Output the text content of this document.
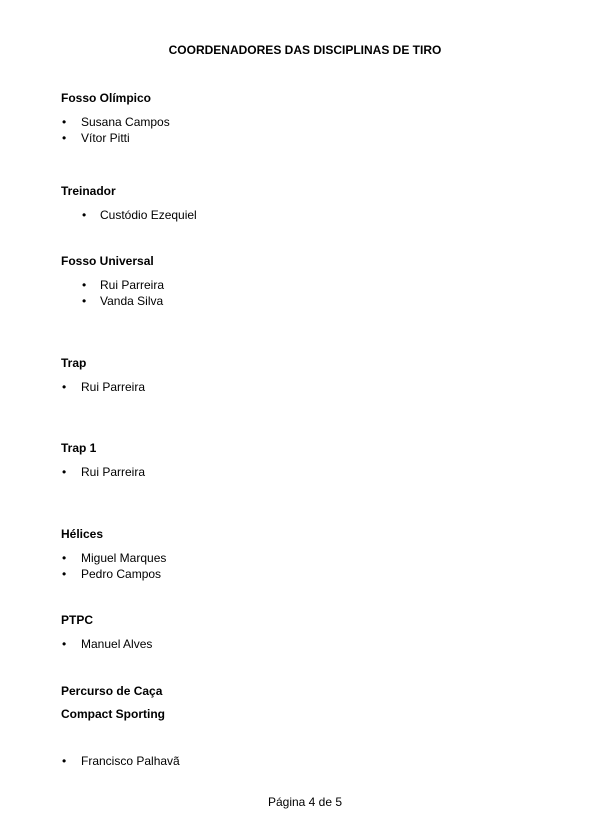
COORDENADORES DAS DISCIPLINAS DE TIRO
Fosso Olímpico
• Susana Campos
• Vítor Pitti
Treinador
• Custódio Ezequiel
Fosso Universal
• Rui Parreira
• Vanda Silva
Trap
• Rui Parreira
Trap 1
• Rui Parreira
Hélices
• Miguel Marques
• Pedro Campos
PTPC
• Manuel Alves
Percurso de Caça
Compact Sporting
• Francisco Palhavã
Página 4 de 5
